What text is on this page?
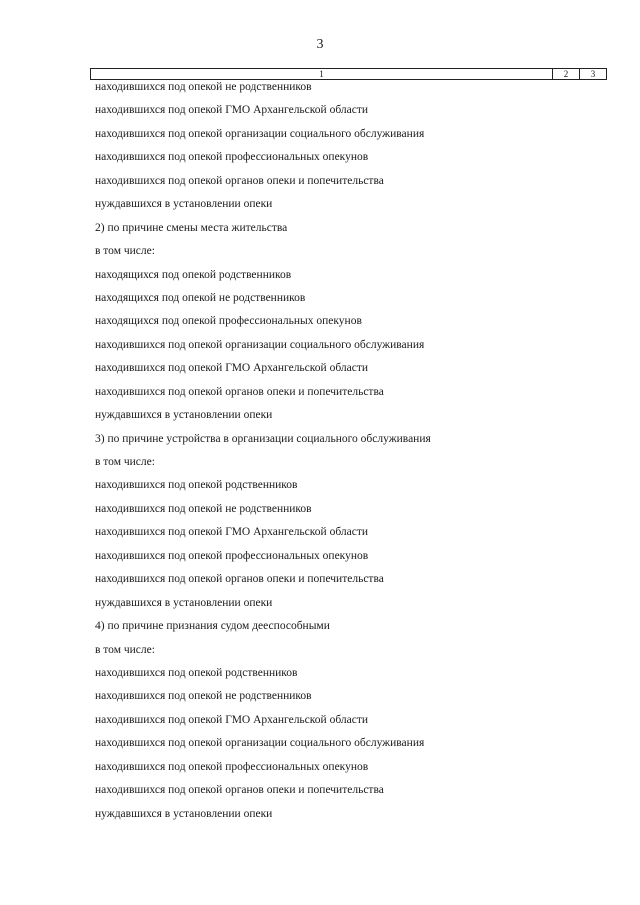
3
1	2	3
находившихся под опекой не родственников
находившихся под опекой ГМО Архангельской области
находившихся под опекой организации социального обслуживания
находившихся под опекой профессиональных опекунов
находившихся под опекой органов опеки и попечительства
нуждавшихся в установлении опеки
2) по причине смены места жительства
в том числе:
находящихся под опекой родственников
находящихся под опекой не родственников
находящихся под опекой профессиональных опекунов
находившихся под опекой организации социального обслуживания
находившихся под опекой ГМО Архангельской области
находившихся под опекой органов опеки и попечительства
нуждавшихся в установлении опеки
3) по причине устройства в организации социального обслуживания
в том числе:
находившихся под опекой родственников
находившихся под опекой не родственников
находившихся под опекой ГМО Архангельской области
находившихся под опекой профессиональных опекунов
находившихся под опекой органов опеки и попечительства
нуждавшихся в установлении опеки
4) по причине признания судом дееспособными
в том числе:
находившихся под опекой родственников
находившихся под опекой не родственников
находившихся под опекой ГМО Архангельской области
находившихся под опекой организации социального обслуживания
находившихся под опекой профессиональных опекунов
находившихся под опекой органов опеки и попечительства
нуждавшихся в установлении опеки
